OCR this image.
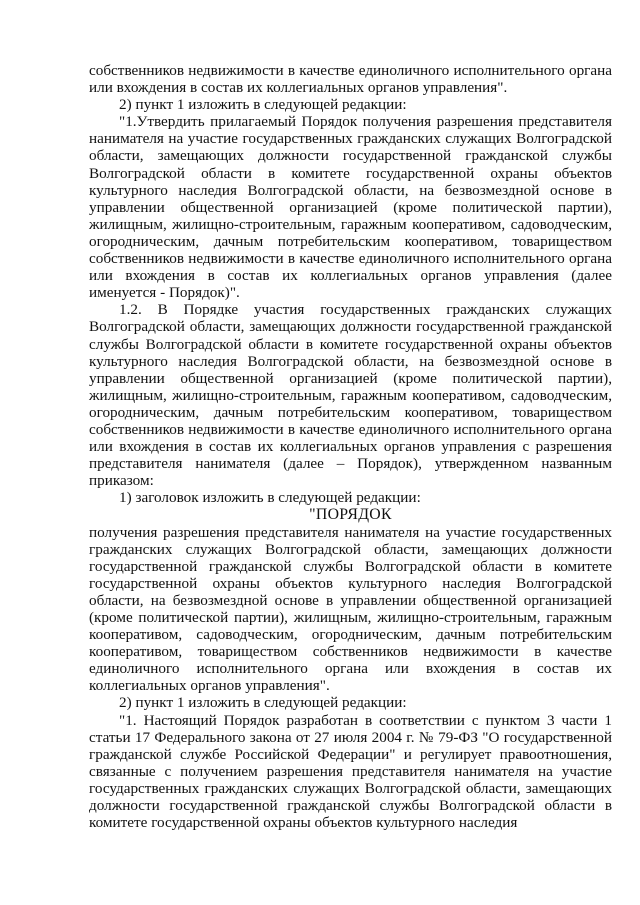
собственников недвижимости в качестве единоличного исполнительного органа или вхождения в состав их коллегиальных органов управления".

2) пункт 1 изложить в следующей редакции:

"1.Утвердить прилагаемый Порядок получения разрешения представителя нанимателя на участие государственных гражданских служащих Волгоградской области, замещающих должности государственной гражданской службы Волгоградской области в комитете государственной охраны объектов культурного наследия Волгоградской области, на безвозмездной основе в управлении общественной организацией (кроме политической партии), жилищным, жилищно-строительным, гаражным кооперативом, садоводческим, огородническим, дачным потребительским кооперативом, товариществом собственников недвижимости в качестве единоличного исполнительного органа или вхождения в состав их коллегиальных органов управления (далее именуется - Порядок)".

1.2. В Порядке участия государственных гражданских служащих Волгоградской области, замещающих должности государственной гражданской службы Волгоградской области в комитете государственной охраны объектов культурного наследия Волгоградской области, на безвозмездной основе в управлении общественной организацией (кроме политической партии), жилищным, жилищно-строительным, гаражным кооперативом, садоводческим, огородническим, дачным потребительским кооперативом, товариществом собственников недвижимости в качестве единоличного исполнительного органа или вхождения в состав их коллегиальных органов управления с разрешения представителя нанимателя (далее – Порядок), утвержденном названным приказом:

1) заголовок изложить в следующей редакции:

"ПОРЯДОК

получения разрешения представителя нанимателя на участие государственных гражданских служащих Волгоградской области, замещающих должности государственной гражданской службы Волгоградской области в комитете государственной охраны объектов культурного наследия Волгоградской области, на безвозмездной основе в управлении общественной организацией (кроме политической партии), жилищным, жилищно-строительным, гаражным кооперативом, садоводческим, огородническим, дачным потребительским кооперативом, товариществом собственников недвижимости в качестве единоличного исполнительного органа или вхождения в состав их коллегиальных органов управления".

2) пункт 1 изложить в следующей редакции:

"1. Настоящий Порядок разработан в соответствии с пунктом 3 части 1 статьи 17 Федерального закона от 27 июля 2004 г. № 79-ФЗ "О государственной гражданской службе Российской Федерации" и регулирует правоотношения, связанные с получением разрешения представителя нанимателя на участие государственных гражданских служащих Волгоградской области, замещающих должности государственной гражданской службы Волгоградской области в комитете государственной охраны объектов культурного наследия
